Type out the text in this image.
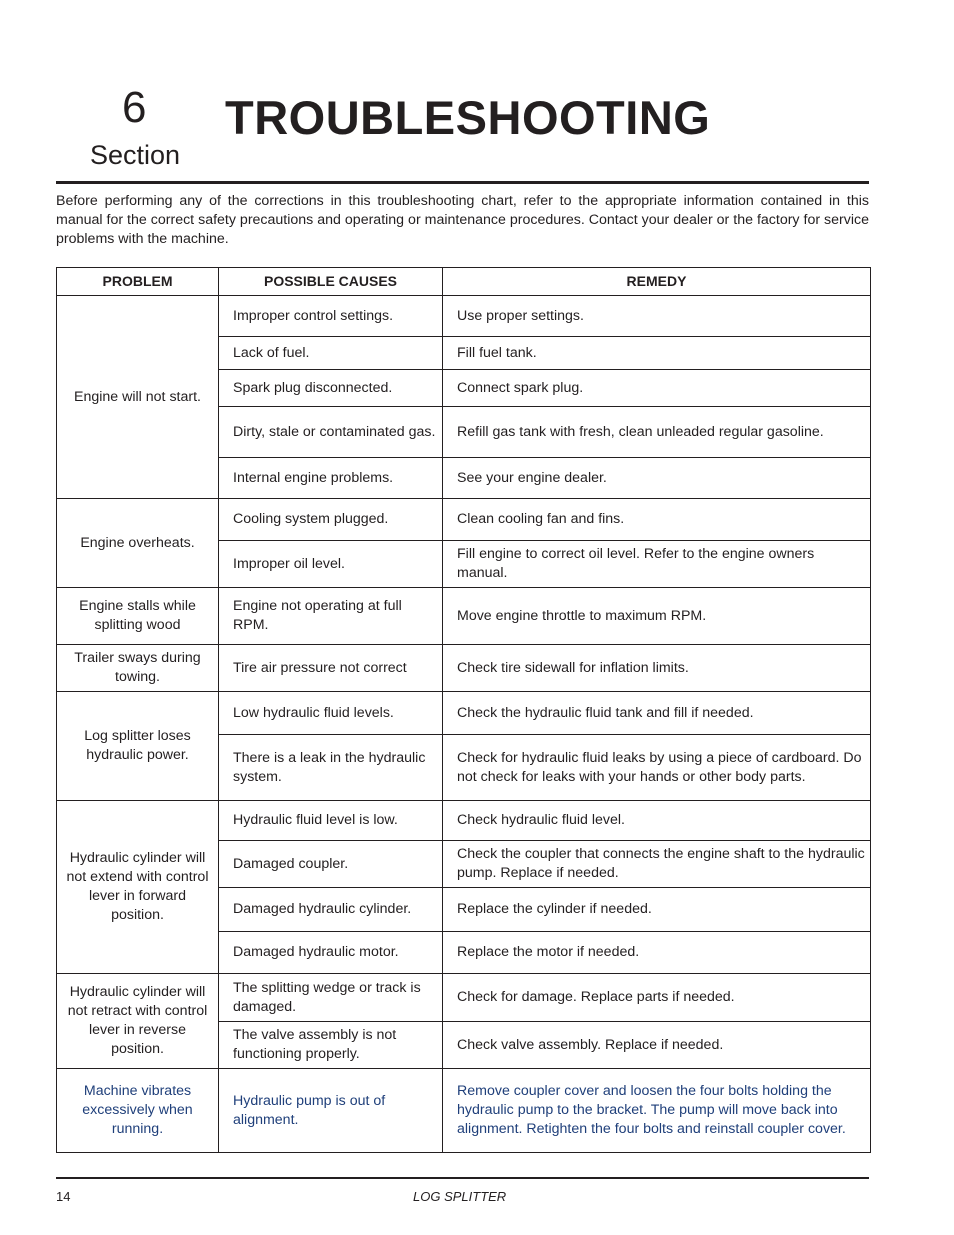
6
Section
TROUBLESHOOTING
Before performing any of the corrections in this troubleshooting chart, refer to the appropriate information contained in this manual for the correct safety precautions and operating or maintenance procedures. Contact your dealer or the factory for service problems with the machine.
PROBLEM	POSSIBLE CAUSES	REMEDY
Engine will not start.	Improper control settings.	Use proper settings.
	Lack of fuel.	Fill fuel tank.
	Spark plug disconnected.	Connect spark plug.
	Dirty, stale or contaminated gas.	Refill gas tank with fresh, clean unleaded regular gasoline.
	Internal engine problems.	See your engine dealer.
Engine overheats.	Cooling system plugged.	Clean cooling fan and fins.
	Improper oil level.	Fill engine to correct oil level. Refer to the engine owners manual.
Engine stalls while splitting wood	Engine not operating at full RPM.	Move engine throttle to maximum RPM.
Trailer sways during towing.	Tire air pressure not correct	Check tire sidewall for inflation limits.
Log splitter loses hydraulic power.	Low hydraulic fluid levels.	Check the hydraulic fluid tank and fill if needed.
	There is a leak in the hydraulic system.	Check for hydraulic fluid leaks by using a piece of cardboard. Do not check for leaks with your hands or other body parts.
Hydraulic cylinder will not extend with control lever in forward position.	Hydraulic fluid level is low.	Check hydraulic fluid level.
	Damaged coupler.	Check the coupler that connects the engine shaft to the hydraulic pump. Replace if needed.
	Damaged hydraulic cylinder.	Replace the cylinder if needed.
	Damaged hydraulic motor.	Replace the motor if needed.
Hydraulic cylinder will not retract with control lever in reverse position.	The splitting wedge or track is damaged.	Check for damage. Replace parts if needed.
	The valve assembly is not functioning properly.	Check valve assembly. Replace if needed.
Machine vibrates excessively when running.	Hydraulic pump is out of alignment.	Remove coupler cover and loosen the four bolts holding the hydraulic pump to the bracket. The pump will move back into alignment. Retighten the four bolts and reinstall coupler cover.
14	LOG SPLITTER
